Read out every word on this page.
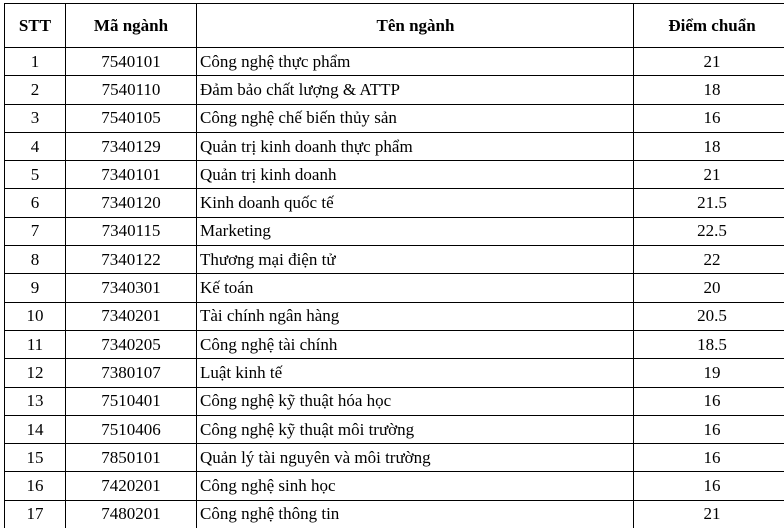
STT	Mã ngành	Tên ngành	Điểm chuẩn
1	7540101	Công nghệ thực phẩm	21
2	7540110	Đảm bảo chất lượng & ATTP	18
3	7540105	Công nghệ chế biến thủy sản	16
4	7340129	Quản trị kinh doanh thực phẩm	18
5	7340101	Quản trị kinh doanh	21
6	7340120	Kinh doanh quốc tế	21.5
7	7340115	Marketing	22.5
8	7340122	Thương mại điện tử	22
9	7340301	Kế toán	20
10	7340201	Tài chính ngân hàng	20.5
11	7340205	Công nghệ tài chính	18.5
12	7380107	Luật kinh tế	19
13	7510401	Công nghệ kỹ thuật hóa học	16
14	7510406	Công nghệ kỹ thuật môi trường	16
15	7850101	Quản lý tài nguyên và môi trường	16
16	7420201	Công nghệ sinh học	16
17	7480201	Công nghệ thông tin	21
